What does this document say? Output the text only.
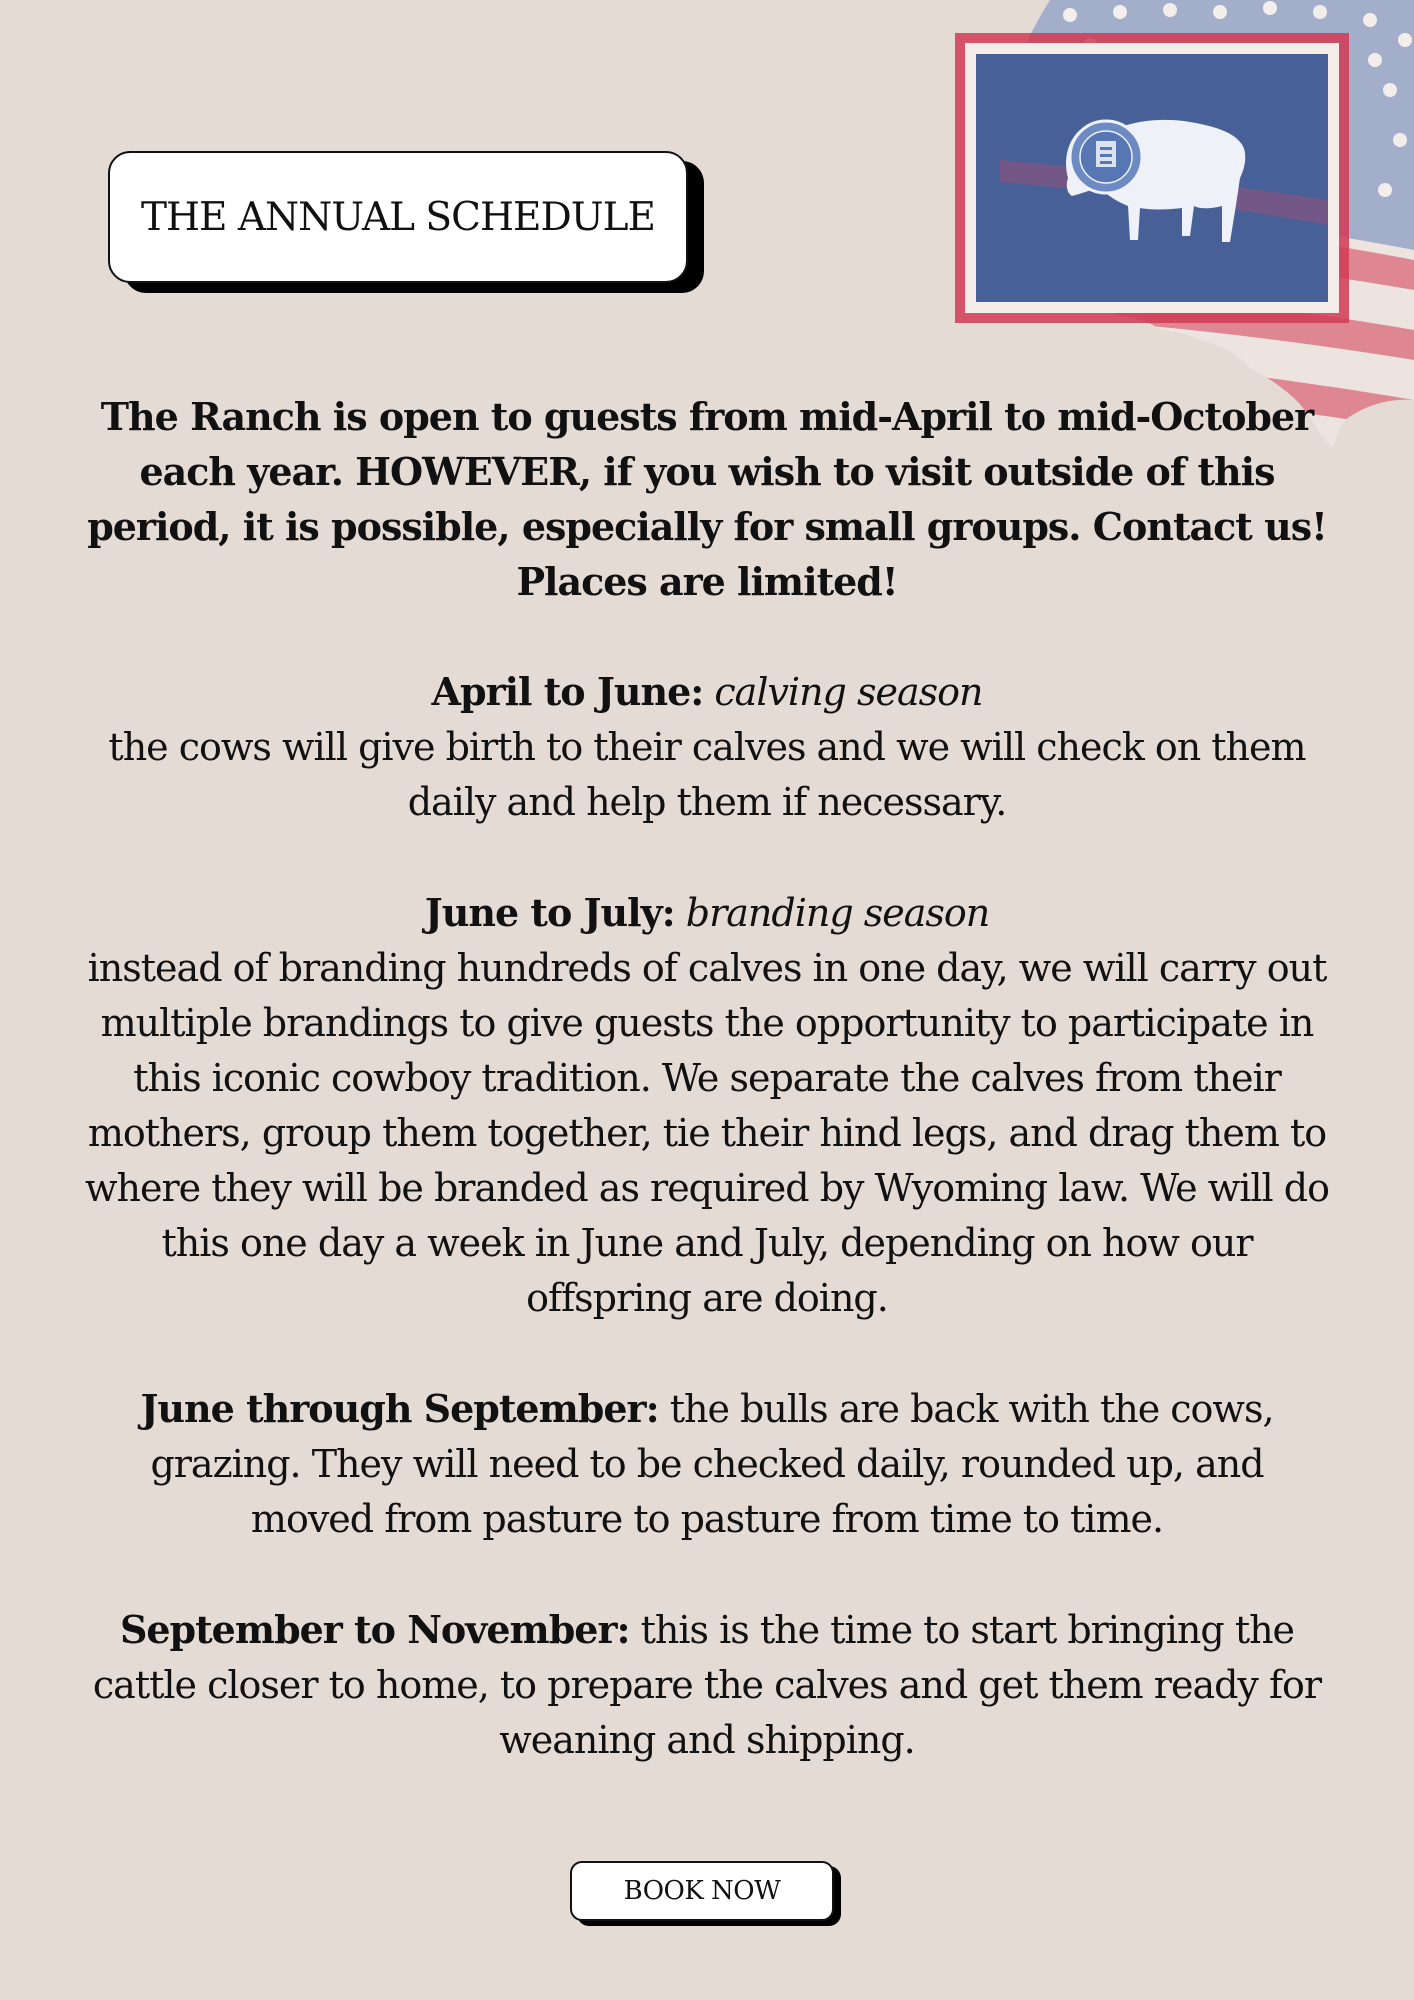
THE ANNUAL SCHEDULE

The Ranch is open to guests from mid-April to mid-October each year. HOWEVER, if you wish to visit outside of this period, it is possible, especially for small groups. Contact us! Places are limited!

April to June: calving season
the cows will give birth to their calves and we will check on them daily and help them if necessary.

June to July: branding season
instead of branding hundreds of calves in one day, we will carry out multiple brandings to give guests the opportunity to participate in this iconic cowboy tradition. We separate the calves from their mothers, group them together, tie their hind legs, and drag them to where they will be branded as required by Wyoming law. We will do this one day a week in June and July, depending on how our offspring are doing.

June through September: the bulls are back with the cows, grazing. They will need to be checked daily, rounded up, and moved from pasture to pasture from time to time.

September to November: this is the time to start bringing the cattle closer to home, to prepare the calves and get them ready for weaning and shipping.

BOOK NOW
